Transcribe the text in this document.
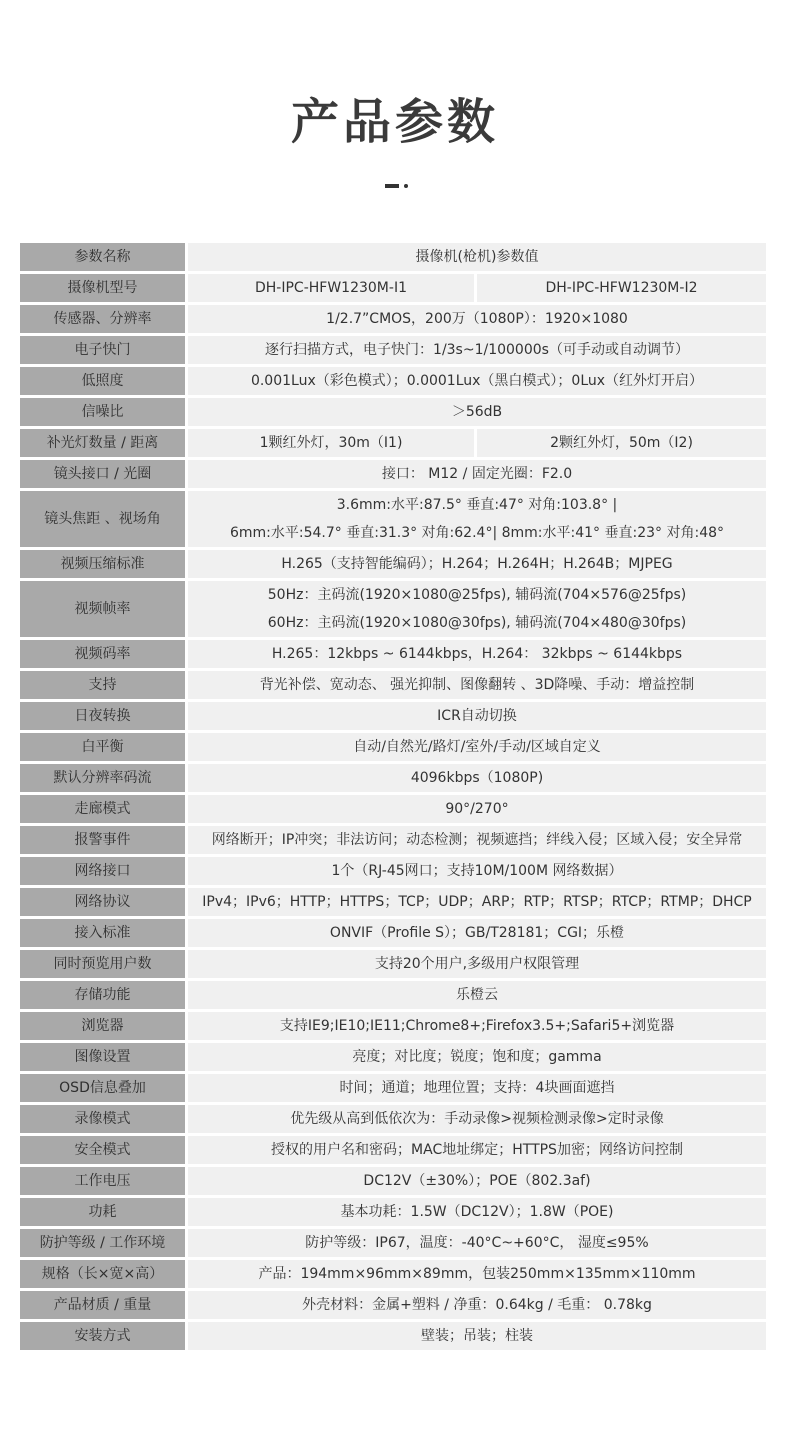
产品参数
参数名称	摄像机(枪机)参数值	
摄像机型号	DH-IPC-HFW1230M-I1	DH-IPC-HFW1230M-I2
传感器、分辨率	1/2.7”CMOS，200万（1080P）：1920×1080	
电子快门	逐行扫描方式，电子快门：1/3s~1/100000s（可手动或自动调节）	
低照度	0.001Lux（彩色模式）；0.0001Lux（黑白模式）；0Lux（红外灯开启）	
信噪比	＞56dB	
补光灯数量 / 距离	1颗红外灯，30m（I1)	2颗红外灯，50m（I2)
镜头接口 / 光圈	接口： M12 / 固定光圈：F2.0	
镜头焦距 、视场角	3.6mm:水平:87.5° 垂直:47° 对角:103.8° |
6mm:水平:54.7° 垂直:31.3° 对角:62.4°| 8mm:水平:41° 垂直:23° 对角:48°	

视频压缩标准	H.265（支持智能编码）；H.264；H.264H；H.264B；MJPEG	
视频帧率	50Hz：主码流(1920×1080@25fps), 辅码流(704×576@25fps)
60Hz：主码流(1920×1080@30fps), 辅码流(704×480@30fps)	

视频码率	H.265：12kbps ~ 6144kbps，H.264： 32kbps ~ 6144kbps	
支持	背光补偿、宽动态、 强光抑制、图像翻转 、3D降噪、手动：增益控制	
日夜转换	ICR自动切换	
白平衡	自动/自然光/路灯/室外/手动/区域自定义	
默认分辨率码流	4096kbps（1080P)	
走廊模式	90°/270°	
报警事件	网络断开；IP冲突；非法访问；动态检测；视频遮挡；绊线入侵；区域入侵；安全异常	
网络接口	1个（RJ-45网口；支持10M/100M 网络数据）	
网络协议	IPv4；IPv6；HTTP；HTTPS；TCP；UDP；ARP；RTP；RTSP；RTCP；RTMP；DHCP	
接入标准	ONVIF（Profile S）；GB/T28181；CGI；乐橙	
同时预览用户数	支持20个用户,多级用户权限管理	
存储功能	乐橙云	
浏览器	支持IE9;IE10;IE11;Chrome8+;Firefox3.5+;Safari5+浏览器	
图像设置	亮度；对比度；锐度；饱和度；gamma	
OSD信息叠加	时间；通道；地理位置；支持：4块画面遮挡	
录像模式	优先级从高到低依次为：手动录像>视频检测录像>定时录像	
安全模式	授权的用户名和密码；MAC地址绑定；HTTPS加密；网络访问控制	
工作电压	DC12V（±30%）；POE（802.3af)	
功耗	基本功耗：1.5W（DC12V）；1.8W（POE)	
防护等级 / 工作环境	防护等级：IP67，温度：-40°C~+60°C， 湿度≤95%	
规格（长×宽×高）	产品：194mm×96mm×89mm，包装250mm×135mm×110mm	
产品材质 / 重量	外壳材料：金属+塑料 / 净重：0.64kg / 毛重： 0.78kg	
安装方式	壁装；吊装；柱装	
